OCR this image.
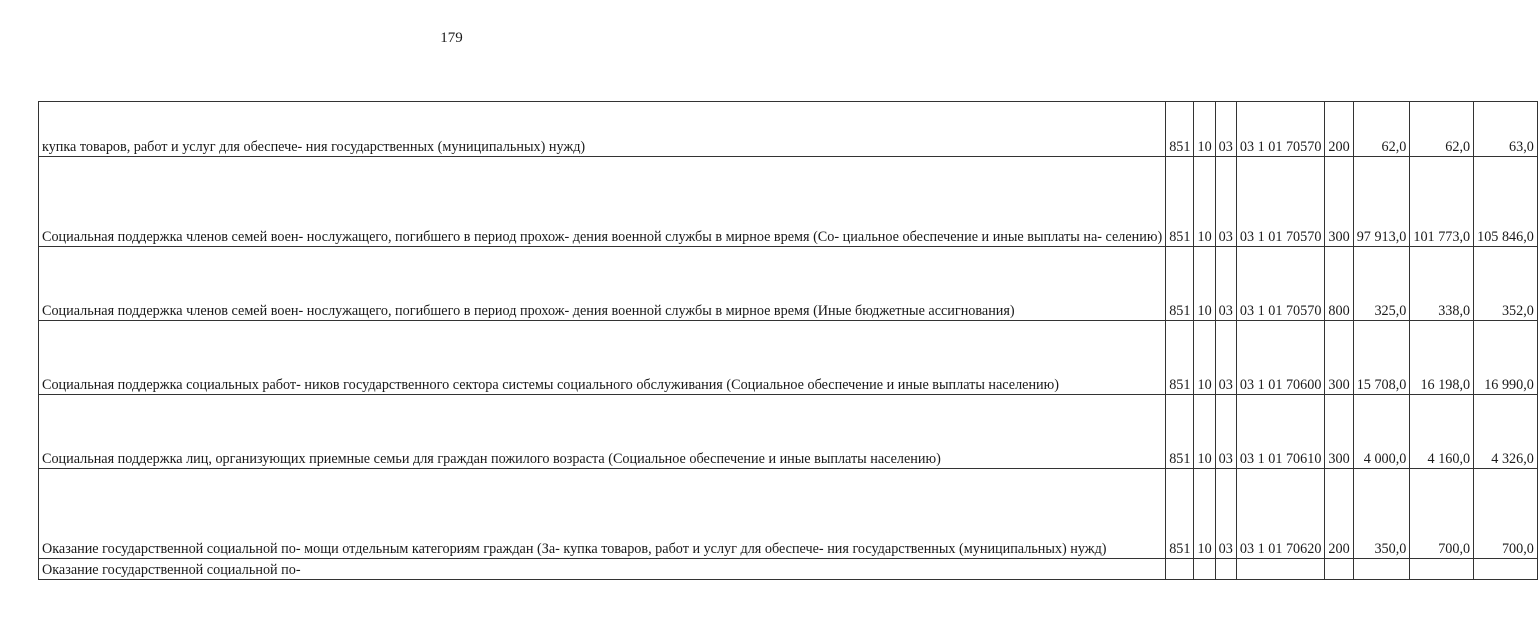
179
купка товаров, работ и услуг для обеспече- ния государственных (муниципальных) нужд)	851	10	03	03 1 01 70570	200	62,0	62,0	63,0
Социальная поддержка членов семей воен- нослужащего, погибшего в период прохож- дения военной службы в мирное время (Со- циальное обеспечение и иные выплаты на- селению)	851	10	03	03 1 01 70570	300	97 913,0	101 773,0	105 846,0
Социальная поддержка членов семей воен- нослужащего, погибшего в период прохож- дения военной службы в мирное время (Иные бюджетные ассигнования)	851	10	03	03 1 01 70570	800	325,0	338,0	352,0
Социальная поддержка социальных работ- ников государственного сектора системы социального обслуживания (Социальное обеспечение и иные выплаты населению)	851	10	03	03 1 01 70600	300	15 708,0	16 198,0	16 990,0
Социальная поддержка лиц, организующих приемные семьи для граждан пожилого возраста (Социальное обеспечение и иные выплаты населению)	851	10	03	03 1 01 70610	300	4 000,0	4 160,0	4 326,0
Оказание государственной социальной по- мощи отдельным категориям граждан (За- купка товаров, работ и услуг для обеспече- ния государственных (муниципальных) нужд)	851	10	03	03 1 01 70620	200	350,0	700,0	700,0
Оказание государственной социальной по-								
